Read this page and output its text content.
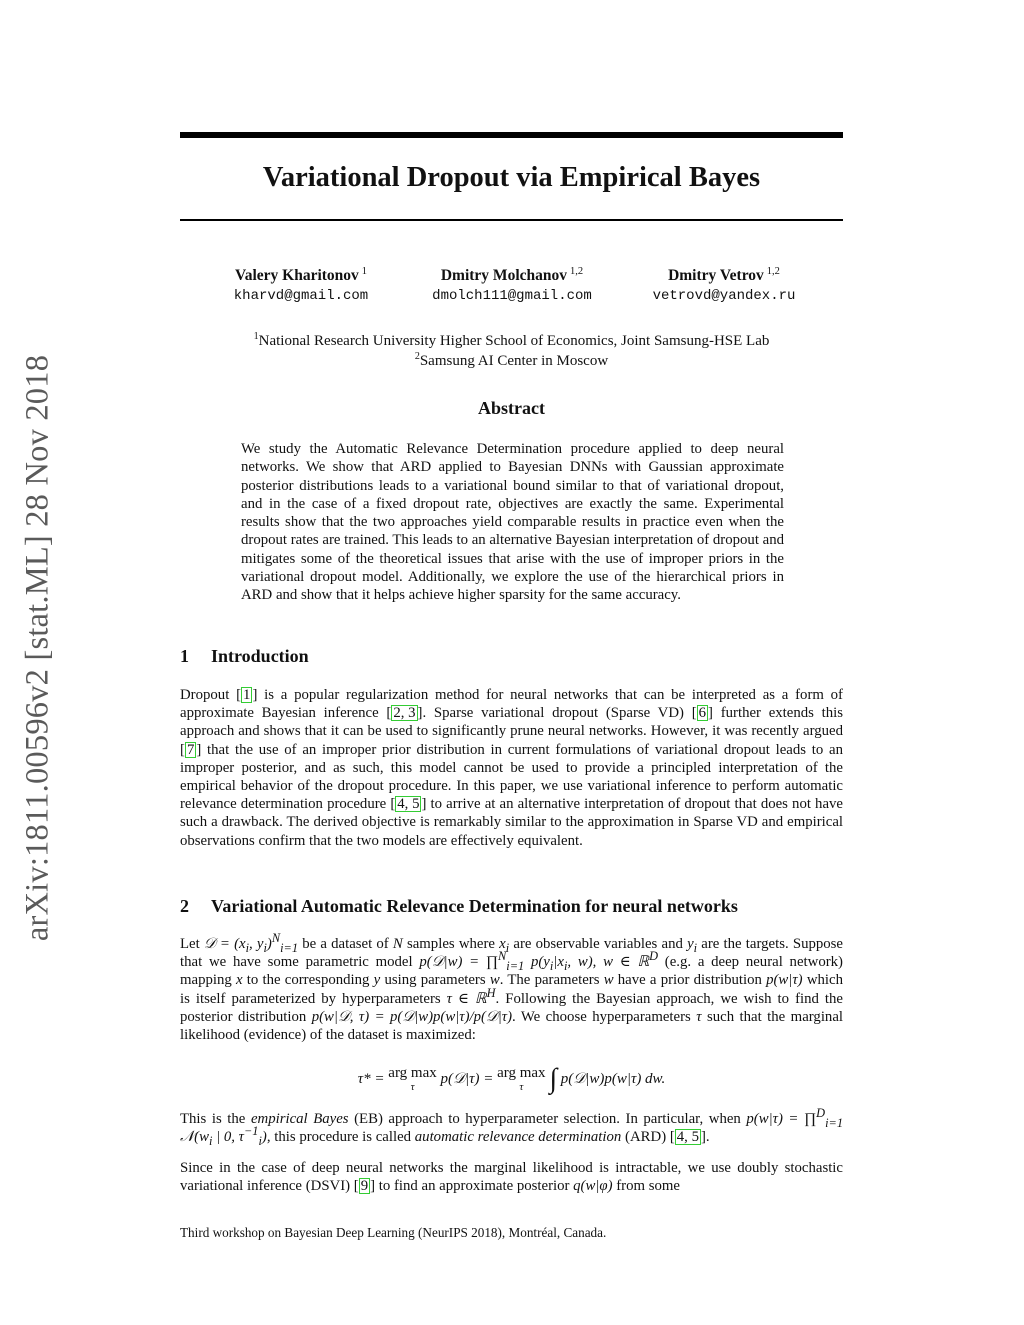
arXiv:1811.00596v2 [stat.ML] 28 Nov 2018
Variational Dropout via Empirical Bayes
Valery Kharitonov $^1$
kharvd@gmail.com
Dmitry Molchanov $^{1,2}$
dmolch111@gmail.com
Dmitry Vetrov $^{1,2}$
vetrovd@yandex.ru
$^1$National Research University Higher School of Economics, Joint Samsung-HSE Lab
$^2$Samsung AI Center in Moscow
Abstract
We study the Automatic Relevance Determination procedure applied to deep neural networks. We show that ARD applied to Bayesian DNNs with Gaussian approximate posterior distributions leads to a variational bound similar to that of variational dropout, and in the case of a fixed dropout rate, objectives are exactly the same. Experimental results show that the two approaches yield comparable results in practice even when the dropout rates are trained. This leads to an alternative Bayesian interpretation of dropout and mitigates some of the theoretical issues that arise with the use of improper priors in the variational dropout model. Additionally, we explore the use of the hierarchical priors in ARD and show that it helps achieve higher sparsity for the same accuracy.
1 Introduction
Dropout [ 1 ] is a popular regularization method for neural networks that can be interpreted as a form of approximate Bayesian inference [ 2, 3 ]. Sparse variational dropout (Sparse VD) [ 6 ] further extends this approach and shows that it can be used to significantly prune neural networks. However, it was recently argued [ 7 ] that the use of an improper prior distribution in current formulations of variational dropout leads to an improper posterior, and as such, this model cannot be used to provide a principled interpretation of the empirical behavior of the dropout procedure. In this paper, we use variational inference to perform automatic relevance determination procedure [ 4, 5 ] to arrive at an alternative interpretation of dropout that does not have such a drawback. The derived objective is remarkably similar to the approximation in Sparse VD and empirical observations confirm that the two models are effectively equivalent.
2 Variational Automatic Relevance Determination for neural networks
Let 𝒟 = ($x_i$, $y_i)^N_{i=1}$ be a dataset of N samples where $x_i$ are observable variables and $y_i$ are the targets. Suppose that we have some parametric model p(𝒟|w) = ∏$^N_{i=1}$ $p(y_i|x_i$, w), w ∈ ℝ$^D$ (e.g. a deep neural network) mapping x to the corresponding y using parameters w. The parameters w have a prior distribution p(w|τ) which is itself parameterized by hyperparameters τ ∈ ℝ$^H$. Following the Bayesian approach, we wish to find the posterior distribution p(w|𝒟, τ) = p(𝒟|w)p(w|τ)/p(𝒟|τ). We choose hyperparameters τ such that the marginal likelihood (evidence) of the dataset is maximized:
τ* = arg max
τ	p(𝒟|τ) = arg max
τ ∫ p(𝒟|w)p(w|τ) dw.
This is the empirical Bayes (EB) approach to hyperparameter selection. In particular, when p(w|τ) = ∏$^D_{i=1}$ $𝒩(w_i$ | 0, $\tau^{-1}_i$), this procedure is called automatic relevance determination (ARD) [ 4, 5 ].
Since in the case of deep neural networks the marginal likelihood is intractable, we use doubly stochastic variational inference (DSVI) [ 9 ] to find an approximate posterior q(w|φ) from some
Third workshop on Bayesian Deep Learning (NeurIPS 2018), Montréal, Canada.
